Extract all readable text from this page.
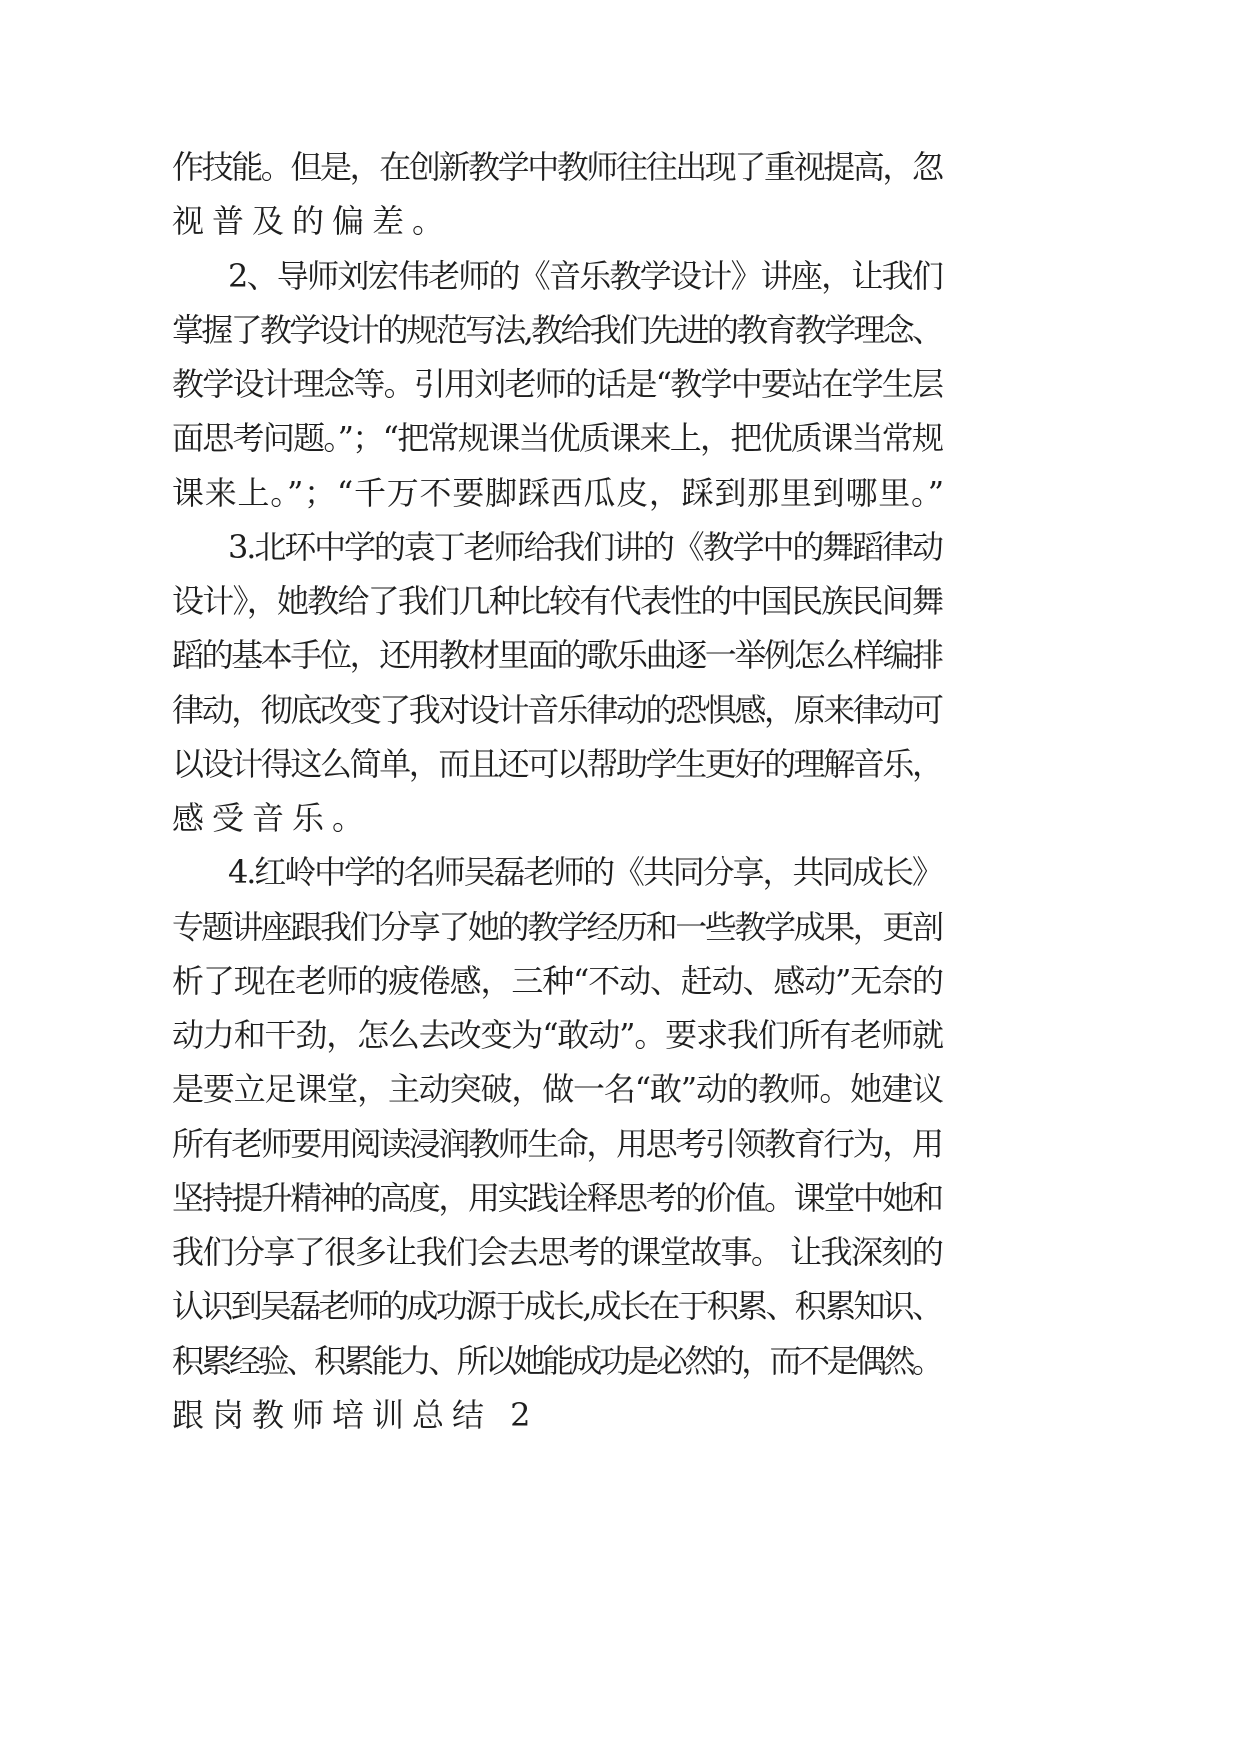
作技能。但是，在创新教学中教师往往出现了重视提高，忽
视普及的偏差。
2、导师刘宏伟老师的《音乐教学设计》讲座，让我们
掌握了教学设计的规范写法,教给我们先进的教育教学理念、
教学设计理念等。引用刘老师的话是“教学中要站在学生层
面思考问题。”；“把常规课当优质课来上，把优质课当常规
课来上。”；“千万不要脚踩西瓜皮，踩到那里到哪里。”
3.北环中学的袁丁老师给我们讲的《教学中的舞蹈律动
设计》，她教给了我们几种比较有代表性的中国民族民间舞
蹈的基本手位，还用教材里面的歌乐曲逐一举例怎么样编排
律动，彻底改变了我对设计音乐律动的恐惧感，原来律动可
以设计得这么简单，而且还可以帮助学生更好的理解音乐，
感受音乐。
4.红岭中学的名师吴磊老师的《共同分享，共同成长》
专题讲座跟我们分享了她的教学经历和一些教学成果，更剖
析了现在老师的疲倦感，三种“不动、赶动、感动”无奈的
动力和干劲，怎么去改变为“敢动”。要求我们所有老师就
是要立足课堂，主动突破，做一名“敢”动的教师。她建议
所有老师要用阅读浸润教师生命，用思考引领教育行为，用
坚持提升精神的高度，用实践诠释思考的价值。课堂中她和
我们分享了很多让我们会去思考的课堂故事。 让我深刻的
认识到吴磊老师的成功源于成长,成长在于积累、积累知识、
积累经验、积累能力、所以她能成功是必然的，而不是偶然。
跟岗教师培训总结 2
